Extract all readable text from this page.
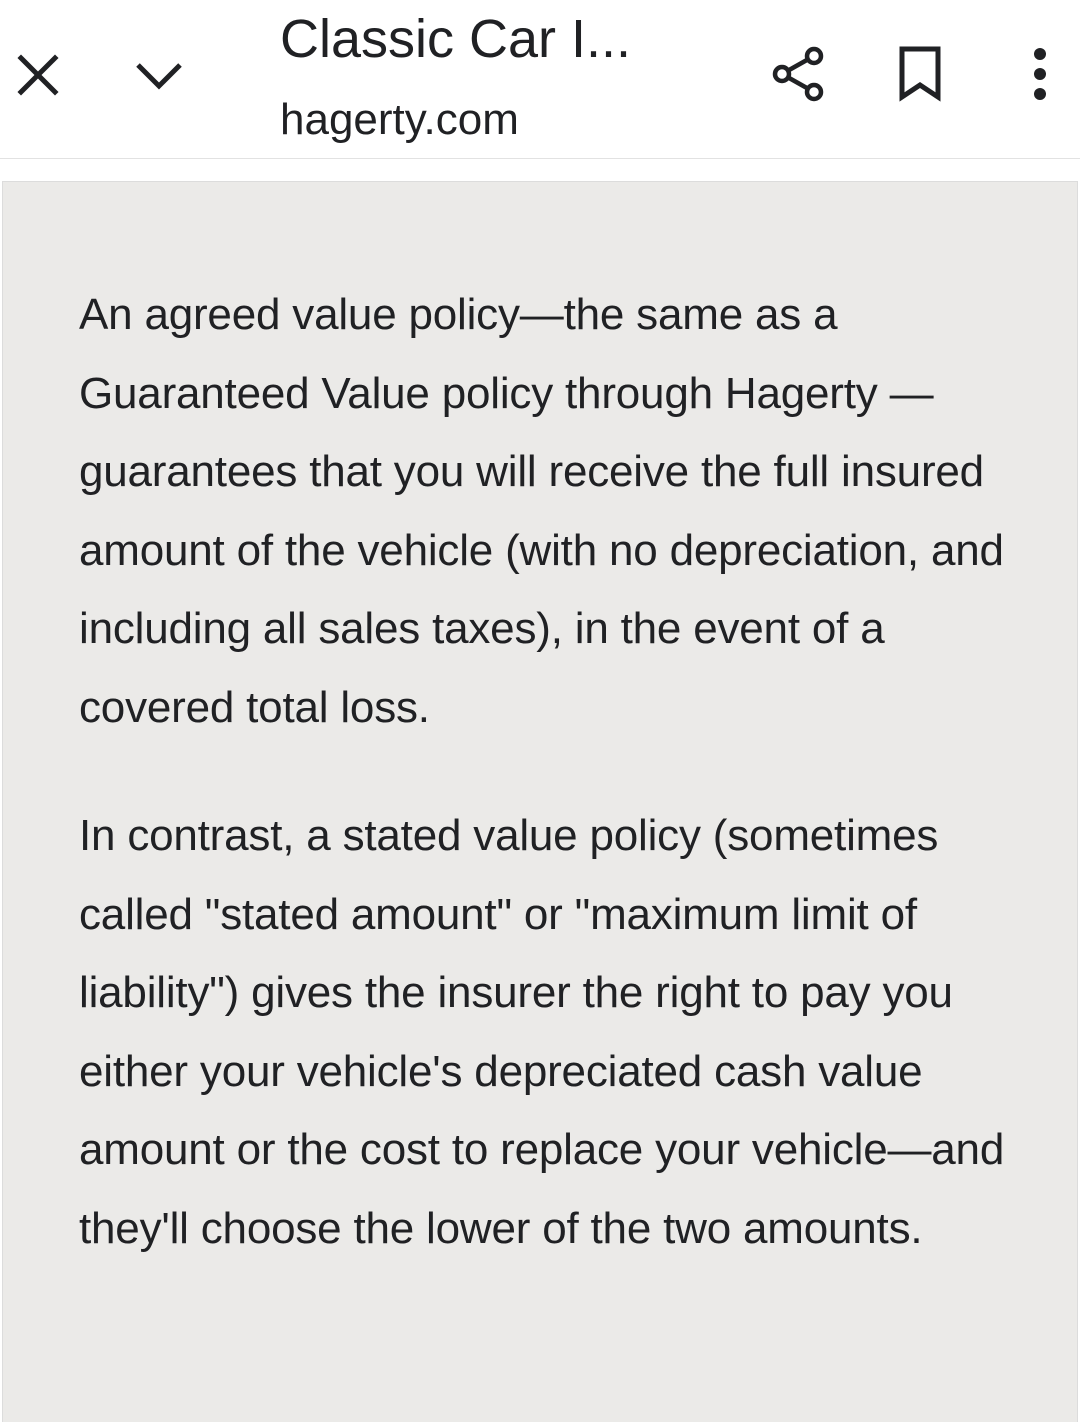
Classic Car I...
hagerty.com

An agreed value policy—the same as a Guaranteed Value policy through Hagerty —guarantees that you will receive the full insured amount of the vehicle (with no depreciation, and including all sales taxes), in the event of a covered total loss.

In contrast, a stated value policy (sometimes called "stated amount" or "maximum limit of liability") gives the insurer the right to pay you either your vehicle's depreciated cash value amount or the cost to replace your vehicle—and they'll choose the lower of the two amounts.
